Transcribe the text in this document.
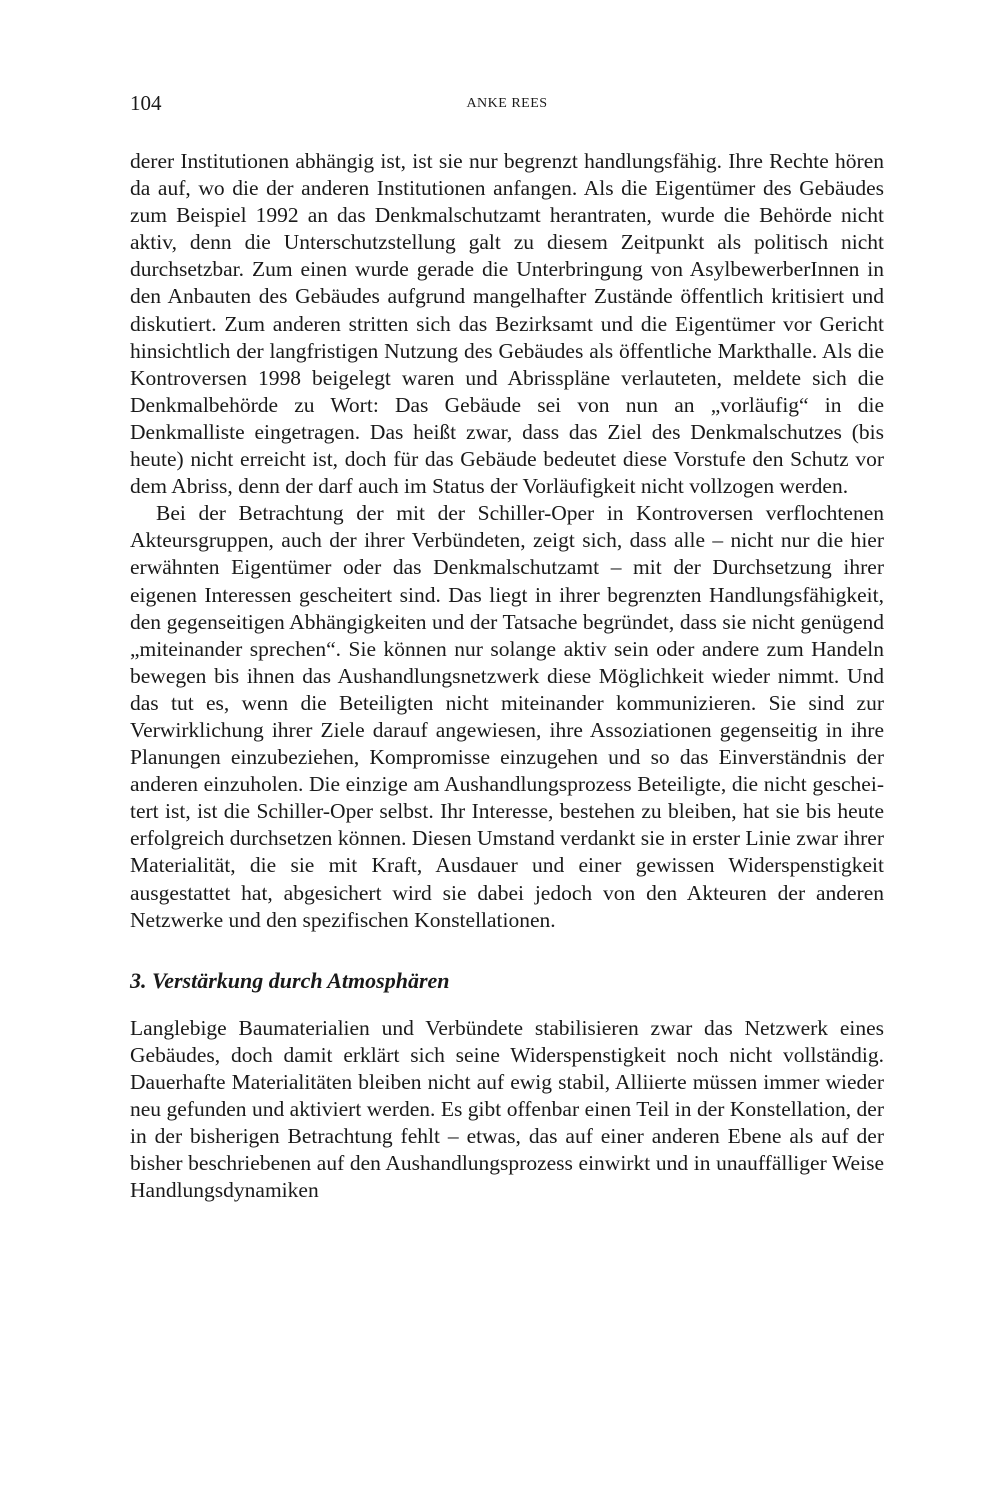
104	ANKE REES

derer Institutionen abhängig ist, ist sie nur begrenzt handlungsfähig. Ihre Rechte hören da auf, wo die der anderen Institutionen anfangen. Als die Eigentümer des Gebäudes zum Beispiel 1992 an das Denkmalschutzamt herantraten, wurde die Behörde nicht aktiv, denn die Unterschutzstellung galt zu diesem Zeitpunkt als politisch nicht durchsetzbar. Zum einen wurde gerade die Unterbringung von AsylbewerberInnen in den Anbauten des Gebäudes aufgrund mangelhafter Zustände öffentlich kritisiert und diskutiert. Zum anderen stritten sich das Bezirksamt und die Eigentümer vor Gericht hinsichtlich der langfristigen Nutzung des Gebäudes als öffentliche Markthalle. Als die Kontroversen 1998 beigelegt waren und Abrisspläne verlauteten, meldete sich die Denkmalbehörde zu Wort: Das Gebäude sei von nun an „vorläufig“ in die Denkmalliste eingetragen. Das heißt zwar, dass das Ziel des Denkmalschutzes (bis heute) nicht erreicht ist, doch für das Gebäude bedeutet diese Vorstufe den Schutz vor dem Abriss, denn der darf auch im Status der Vorläufigkeit nicht vollzogen werden.

Bei der Betrachtung der mit der Schiller-Oper in Kontroversen verflochtenen Akteursgruppen, auch der ihrer Verbündeten, zeigt sich, dass alle – nicht nur die hier erwähnten Eigentümer oder das Denkmalschutzamt – mit der Durchsetzung ihrer eigenen Interessen gescheitert sind. Das liegt in ihrer begrenzten Handlungsfähigkeit, den gegenseitigen Abhängigkeiten und der Tatsache begründet, dass sie nicht genügend „miteinander sprechen“. Sie können nur solange aktiv sein oder andere zum Handeln bewegen bis ihnen das Aushandlungsnetzwerk diese Möglichkeit wieder nimmt. Und das tut es, wenn die Beteiligten nicht miteinander kommunizieren. Sie sind zur Verwirklichung ihrer Ziele darauf angewiesen, ihre Assoziationen gegenseitig in ihre Planungen einzubeziehen, Kompromisse einzugehen und so das Einverständnis der anderen einzuholen. Die einzige am Aushandlungsprozess Beteiligte, die nicht gescheitert ist, ist die Schiller-Oper selbst. Ihr Interesse, bestehen zu bleiben, hat sie bis heute erfolgreich durchsetzen können. Diesen Umstand verdankt sie in erster Linie zwar ihrer Materialität, die sie mit Kraft, Ausdauer und einer gewissen Widerspenstigkeit ausgestattet hat, abgesichert wird sie dabei jedoch von den Akteuren der anderen Netzwerke und den spezifischen Konstellationen.

3. Verstärkung durch Atmosphären

Langlebige Baumaterialien und Verbündete stabilisieren zwar das Netzwerk eines Gebäudes, doch damit erklärt sich seine Widerspenstigkeit noch nicht vollständig. Dauerhafte Materialitäten bleiben nicht auf ewig stabil, Alliierte müssen immer wieder neu gefunden und aktiviert werden. Es gibt offenbar einen Teil in der Konstellation, der in der bisherigen Betrachtung fehlt – etwas, das auf einer anderen Ebene als auf der bisher beschriebenen auf den Aushandlungsprozess einwirkt und in unauffälliger Weise Handlungsdynamiken
